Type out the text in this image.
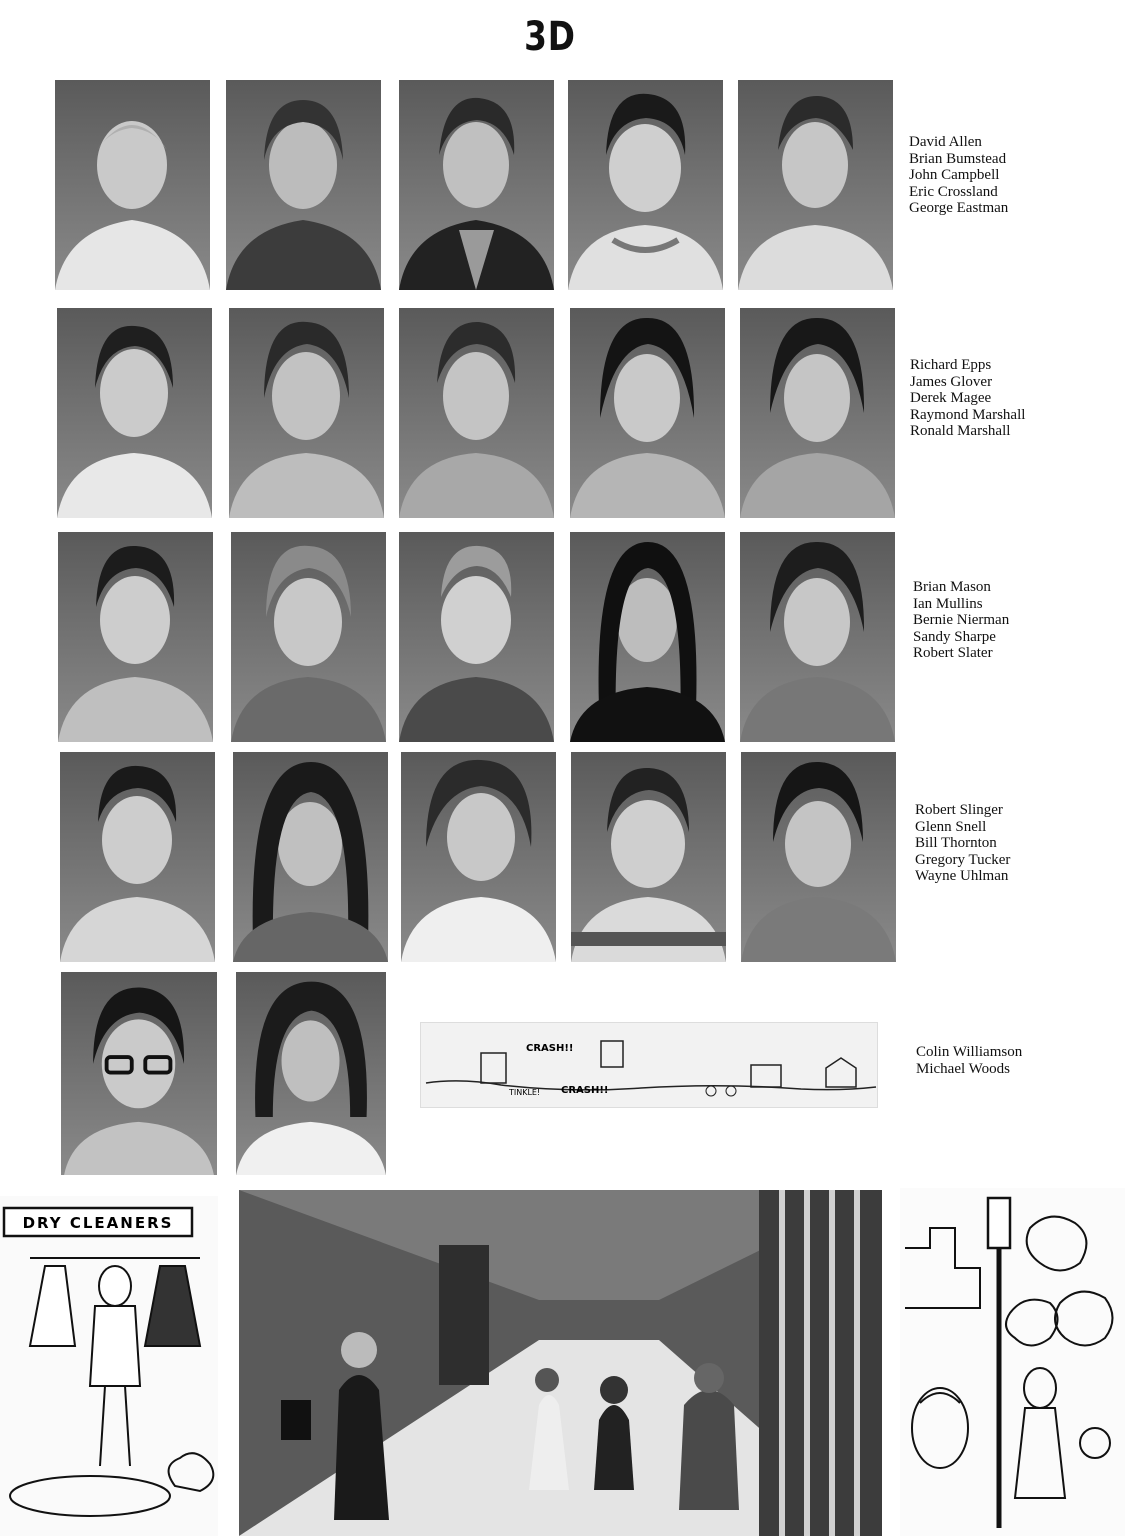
3D
David Allen
Brian Bumstead
John Campbell
Eric Crossland
George Eastman
Richard Epps
James Glover
Derek Magee
Raymond Marshall
Ronald Marshall
Brian Mason
Ian Mullins
Bernie Nierman
Sandy Sharpe
Robert Slater
Robert Slinger
Glenn Snell
Bill Thornton
Gregory Tucker
Wayne Uhlman
CRASH!!
CRASH!!
TINKLE!
Colin Williamson
Michael Woods
DRY CLEANERS
